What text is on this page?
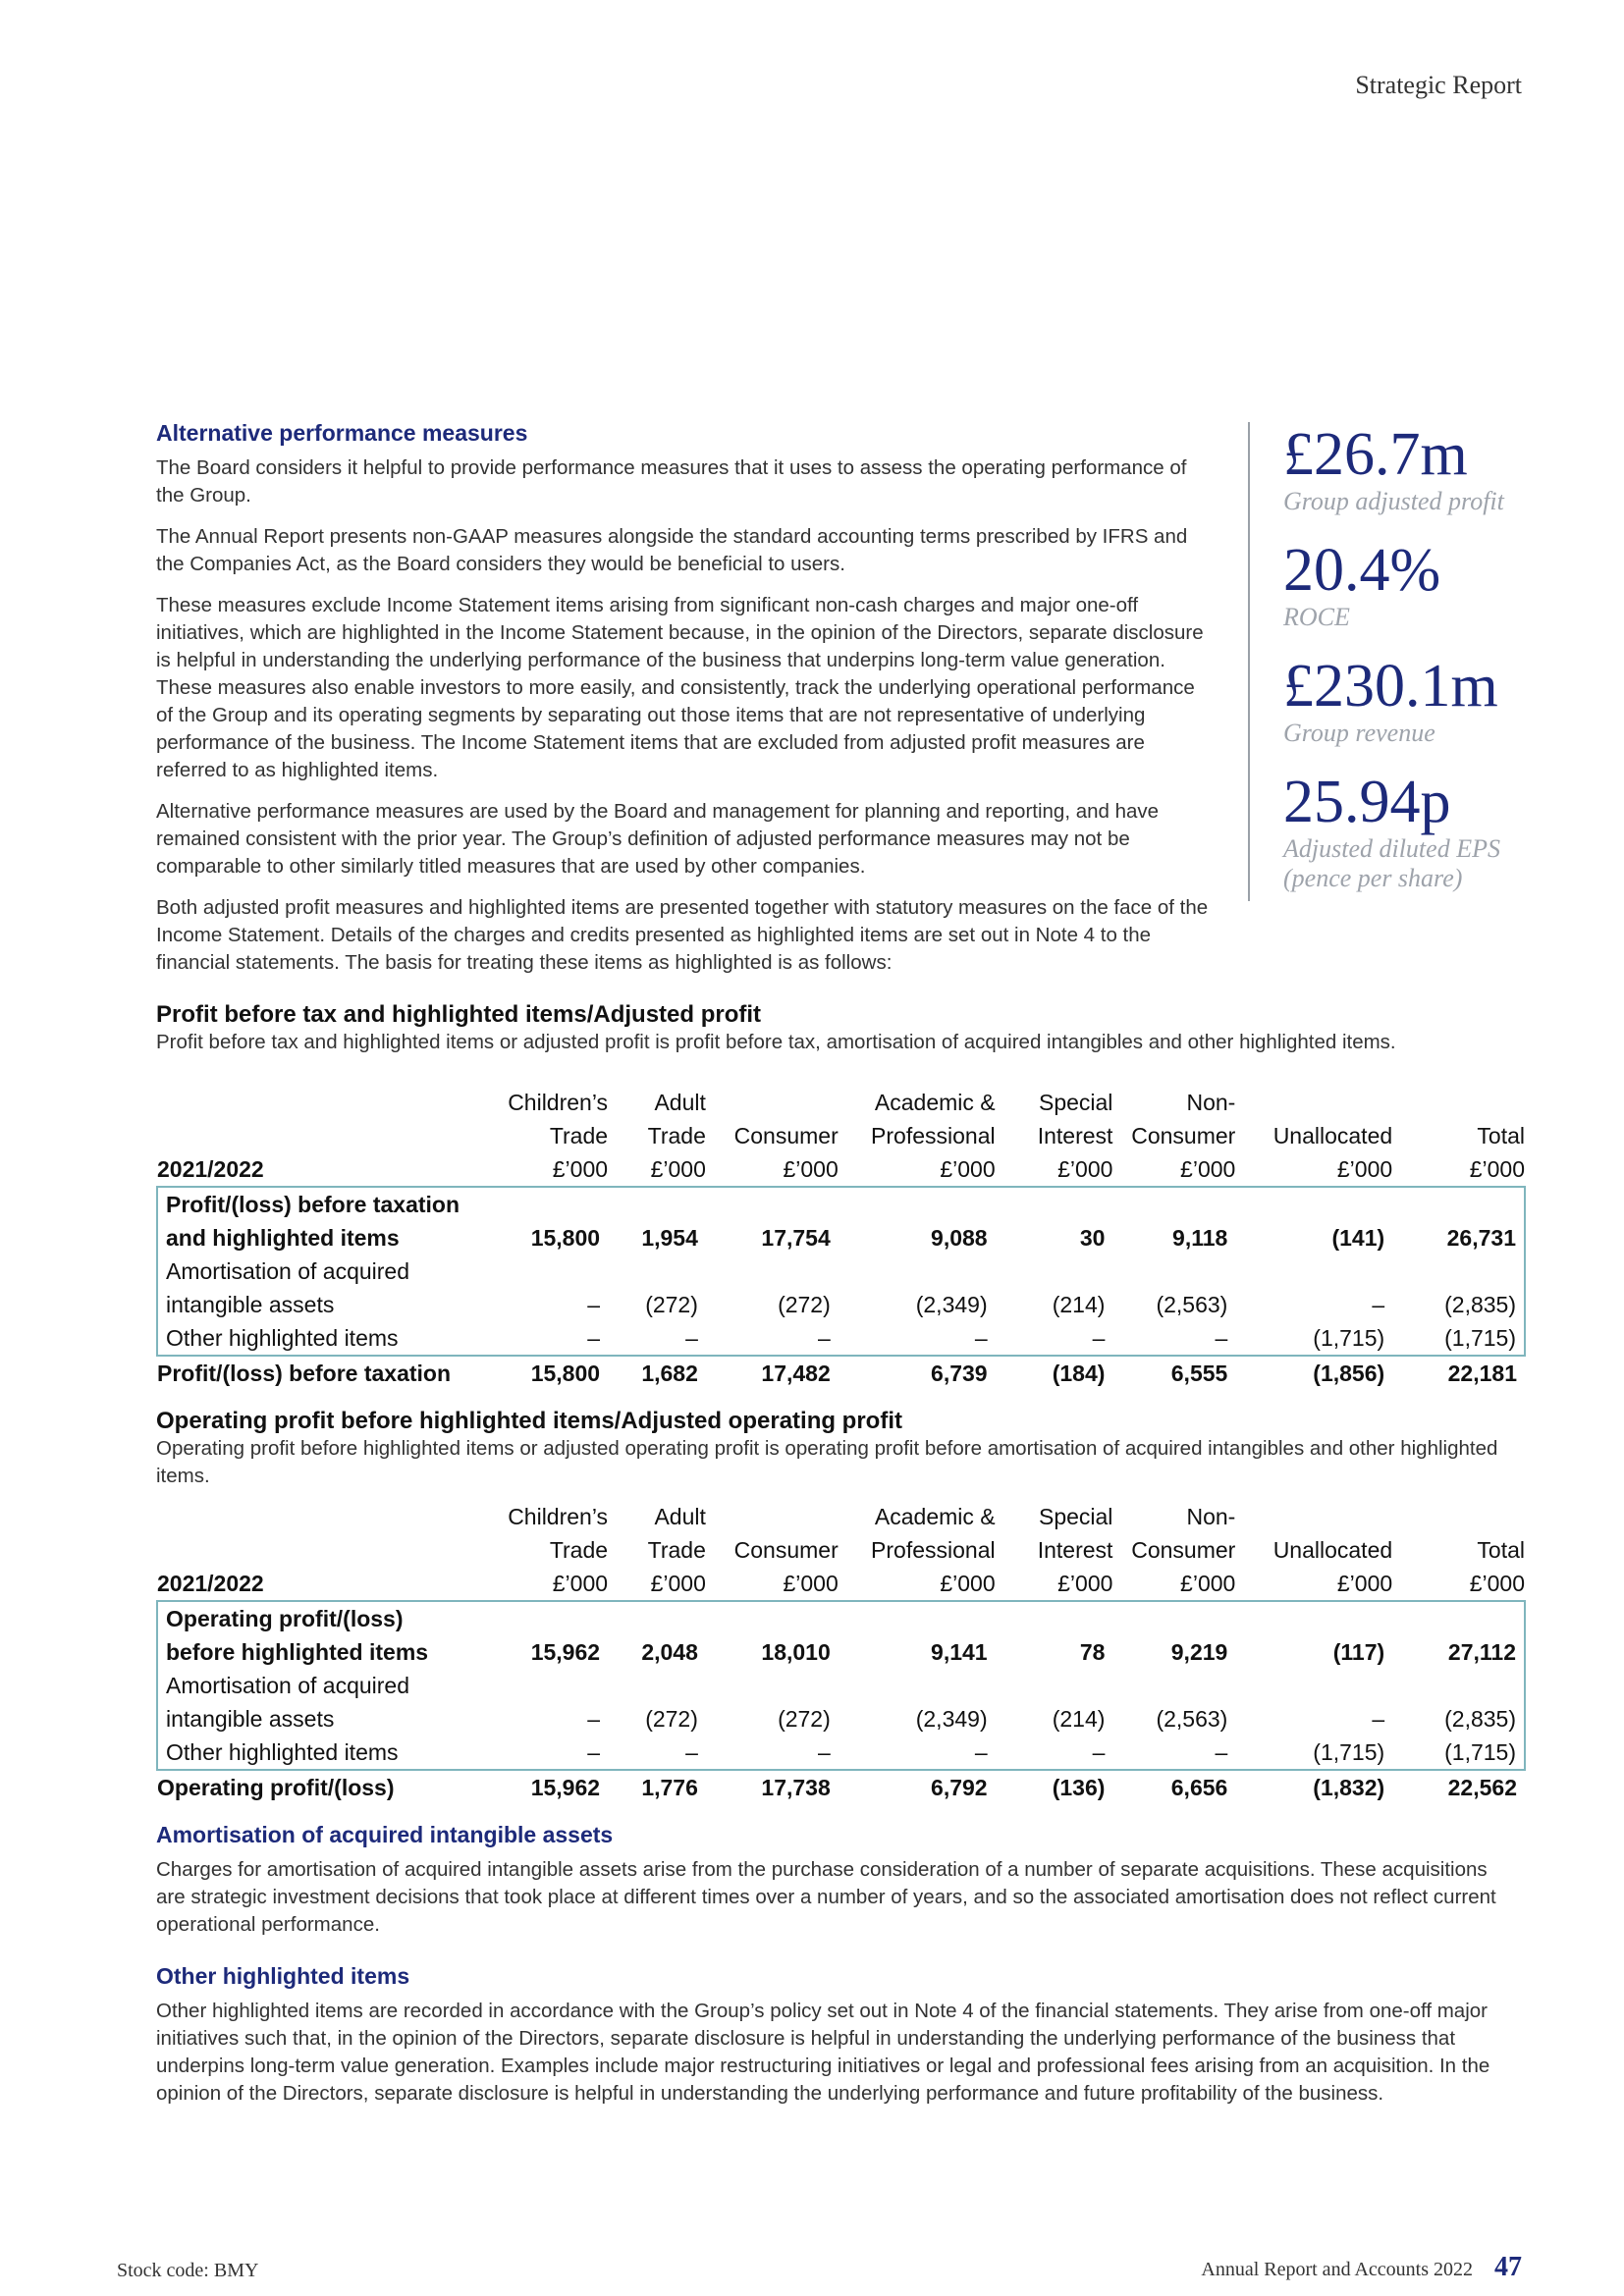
Strategic Report
Alternative performance measures

The Board considers it helpful to provide performance measures that it uses to assess the operating performance of the Group.

The Annual Report presents non-GAAP measures alongside the standard accounting terms prescribed by IFRS and the Companies Act, as the Board considers they would be beneficial to users.

These measures exclude Income Statement items arising from significant non-cash charges and major one-off initiatives, which are highlighted in the Income Statement because, in the opinion of the Directors, separate disclosure is helpful in understanding the underlying performance of the business that underpins long-term value generation. These measures also enable investors to more easily, and consistently, track the underlying operational performance of the Group and its operating segments by separating out those items that are not representative of underlying performance of the business. The Income Statement items that are excluded from adjusted profit measures are referred to as highlighted items.

Alternative performance measures are used by the Board and management for planning and reporting, and have remained consistent with the prior year. The Group’s definition of adjusted performance measures may not be comparable to other similarly titled measures that are used by other companies.

Both adjusted profit measures and highlighted items are presented together with statutory measures on the face of the Income Statement. Details of the charges and credits presented as highlighted items are set out in Note 4 to the financial statements. The basis for treating these items as highlighted is as follows:

£26.7m
Group adjusted profit
20.4%
ROCE
£230.1m
Group revenue
25.94p
Adjusted diluted EPS (pence per share)
Profit before tax and highlighted items/Adjusted profit

Profit before tax and highlighted items or adjusted profit is profit before tax, amortisation of acquired intangibles and other highlighted items.

	Children’s	Adult		Academic &	Special	Non-		
	Trade	Trade	Consumer	Professional	Interest	Consumer	Unallocated	Total
2021/2022	£’000	£’000	£’000	£’000	£’000	£’000	£’000	£’000

Profit/(loss) before taxation
and highlighted items	15,800	1,954	17,754	9,088	30	9,118	(141)	26,731

Amortisation of acquired
intangible assets	–	(272)	(272)	(2,349)	(214)	(2,563)	–	(2,835)
Other highlighted items	–	–	–	–	–	–	(1,715)	(1,715)
Profit/(loss) before taxation	15,800	1,682	17,482	6,739	(184)	6,555	(1,856)	22,181
Operating profit before highlighted items/Adjusted operating profit

Operating profit before highlighted items or adjusted operating profit is operating profit before amortisation of acquired intangibles and other highlighted items.

	Children’s	Adult		Academic &	Special	Non-		
	Trade	Trade	Consumer	Professional	Interest	Consumer	Unallocated	Total
2021/2022	£’000	£’000	£’000	£’000	£’000	£’000	£’000	£’000

Operating profit/(loss)
before highlighted items	15,962	2,048	18,010	9,141	78	9,219	(117)	27,112

Amortisation of acquired
intangible assets	–	(272)	(272)	(2,349)	(214)	(2,563)	–	(2,835)
Other highlighted items	–	–	–	–	–	–	(1,715)	(1,715)
Operating profit/(loss)	15,962	1,776	17,738	6,792	(136)	6,656	(1,832)	22,562
Amortisation of acquired intangible assets

Charges for amortisation of acquired intangible assets arise from the purchase consideration of a number of separate acquisitions. These acquisitions are strategic investment decisions that took place at different times over a number of years, and so the associated amortisation does not reflect current operational performance.

Other highlighted items

Other highlighted items are recorded in accordance with the Group’s policy set out in Note 4 of the financial statements. They arise from one-off major initiatives such that, in the opinion of the Directors, separate disclosure is helpful in understanding the underlying performance of the business that underpins long-term value generation. Examples include major restructuring initiatives or legal and professional fees arising from an acquisition. In the opinion of the Directors, separate disclosure is helpful in understanding the underlying performance and future profitability of the business.

Stock code: BMY	Annual Report and Accounts 2022 47
